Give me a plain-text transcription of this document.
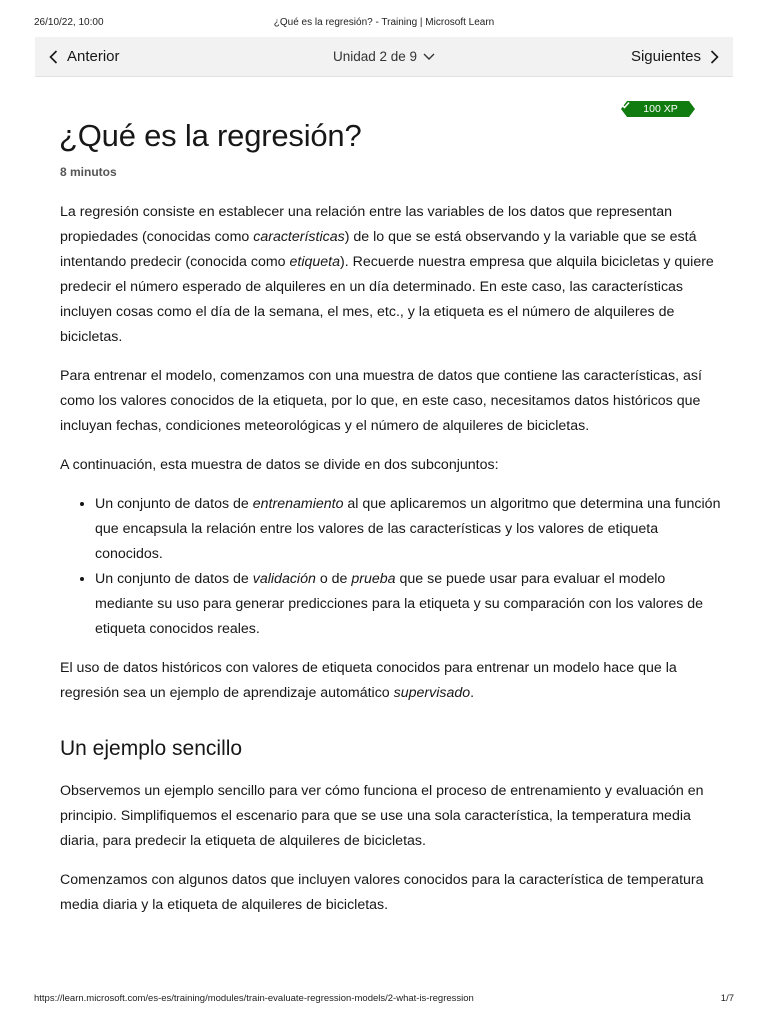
26/10/22, 10:00	¿Qué es la regresión? - Training | Microsoft Learn
Anterior	Unidad 2 de 9	Siguientes
100 XP
¿Qué es la regresión?
8 minutos

La regresión consiste en establecer una relación entre las variables de los datos que representan propiedades (conocidas como características) de lo que se está observando y la variable que se está intentando predecir (conocida como etiqueta). Recuerde nuestra empresa que alquila bicicletas y quiere predecir el número esperado de alquileres en un día determinado. En este caso, las características incluyen cosas como el día de la semana, el mes, etc., y la etiqueta es el número de alquileres de bicicletas.

Para entrenar el modelo, comenzamos con una muestra de datos que contiene las características, así como los valores conocidos de la etiqueta, por lo que, en este caso, necesitamos datos históricos que incluyan fechas, condiciones meteorológicas y el número de alquileres de bicicletas.

A continuación, esta muestra de datos se divide en dos subconjuntos:

• Un conjunto de datos de entrenamiento al que aplicaremos un algoritmo que determina una función que encapsula la relación entre los valores de las características y los valores de etiqueta conocidos.
• Un conjunto de datos de validación o de prueba que se puede usar para evaluar el modelo mediante su uso para generar predicciones para la etiqueta y su comparación con los valores de etiqueta conocidos reales.

El uso de datos históricos con valores de etiqueta conocidos para entrenar un modelo hace que la regresión sea un ejemplo de aprendizaje automático supervisado.

Un ejemplo sencillo

Observemos un ejemplo sencillo para ver cómo funciona el proceso de entrenamiento y evaluación en principio. Simplifiquemos el escenario para que se use una sola característica, la temperatura media diaria, para predecir la etiqueta de alquileres de bicicletas.

Comenzamos con algunos datos que incluyen valores conocidos para la característica de temperatura media diaria y la etiqueta de alquileres de bicicletas.

https://learn.microsoft.com/es-es/training/modules/train-evaluate-regression-models/2-what-is-regression	1/7
